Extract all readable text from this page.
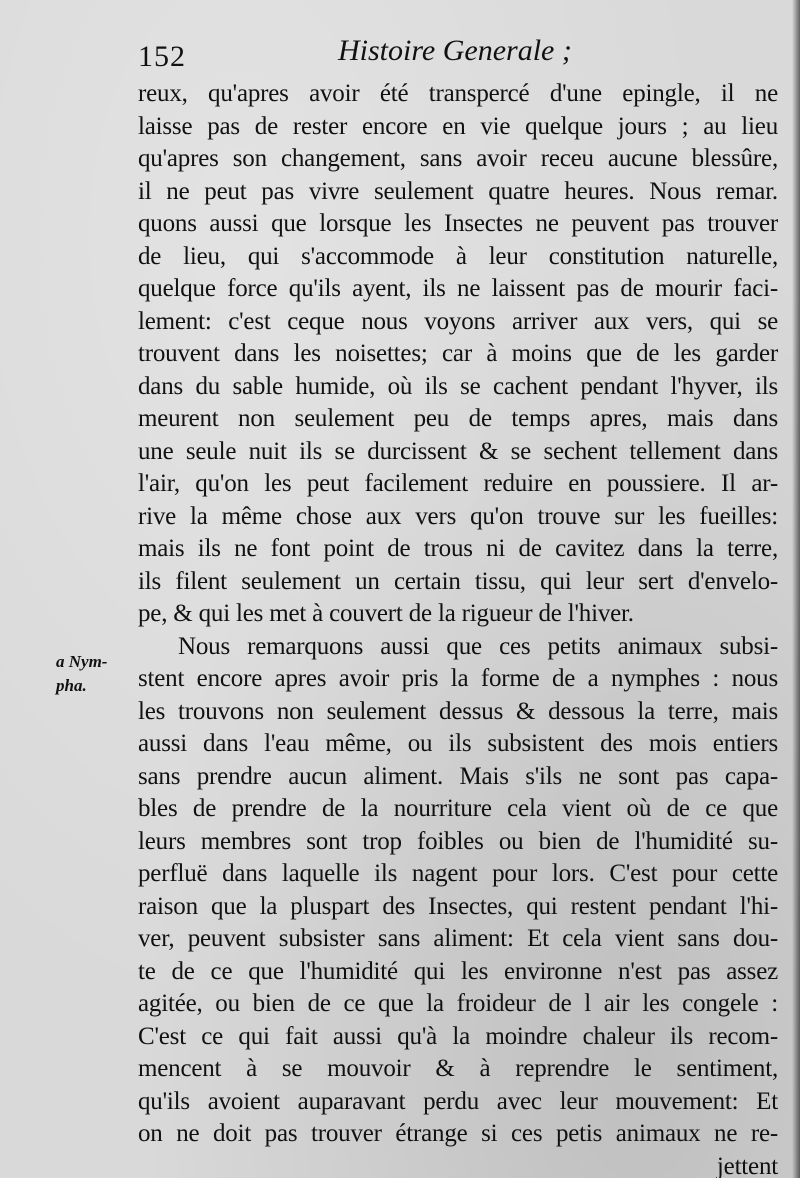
152	Histoire Generale ;
a Nym-
pha.
reux, qu'apres avoir été transpercé d'une epingle, il ne
laisse pas de rester encore en vie quelque jours ; au lieu
qu'apres son changement, sans avoir receu aucune blessûre,
il ne peut pas vivre seulement quatre heures. Nous remar.
quons aussi que lorsque les Insectes ne peuvent pas trouver
de lieu, qui s'accommode à leur constitution naturelle,
quelque force qu'ils ayent, ils ne laissent pas de mourir faci-
lement: c'est ceque nous voyons arriver aux vers, qui se
trouvent dans les noisettes; car à moins que de les garder
dans du sable humide, où ils se cachent pendant l'hyver, ils
meurent non seulement peu de temps apres, mais dans
une seule nuit ils se durcissent & se sechent tellement dans
l'air, qu'on les peut facilement reduire en poussiere. Il ar-
rive la même chose aux vers qu'on trouve sur les fueilles:
mais ils ne font point de trous ni de cavitez dans la terre,
ils filent seulement un certain tissu, qui leur sert d'envelo-
pe, & qui les met à couvert de la rigueur de l'hiver.
Nous remarquons aussi que ces petits animaux subsi-
stent encore apres avoir pris la forme de a nymphes : nous
les trouvons non seulement dessus & dessous la terre, mais
aussi dans l'eau même, ou ils subsistent des mois entiers
sans prendre aucun aliment. Mais s'ils ne sont pas capa-
bles de prendre de la nourriture cela vient où de ce que
leurs membres sont trop foibles ou bien de l'humidité su-
perfluë dans laquelle ils nagent pour lors. C'est pour cette
raison que la pluspart des Insectes, qui restent pendant l'hi-
ver, peuvent subsister sans aliment: Et cela vient sans dou-
te de ce que l'humidité qui les environne n'est pas assez
agitée, ou bien de ce que la froideur de l air les congele :
C'est ce qui fait aussi qu'à la moindre chaleur ils recom-
mencent à se mouvoir & à reprendre le sentiment,
qu'ils avoient auparavant perdu avec leur mouvement: Et
on ne doit pas trouver étrange si ces petis animaux ne re-
jettent
